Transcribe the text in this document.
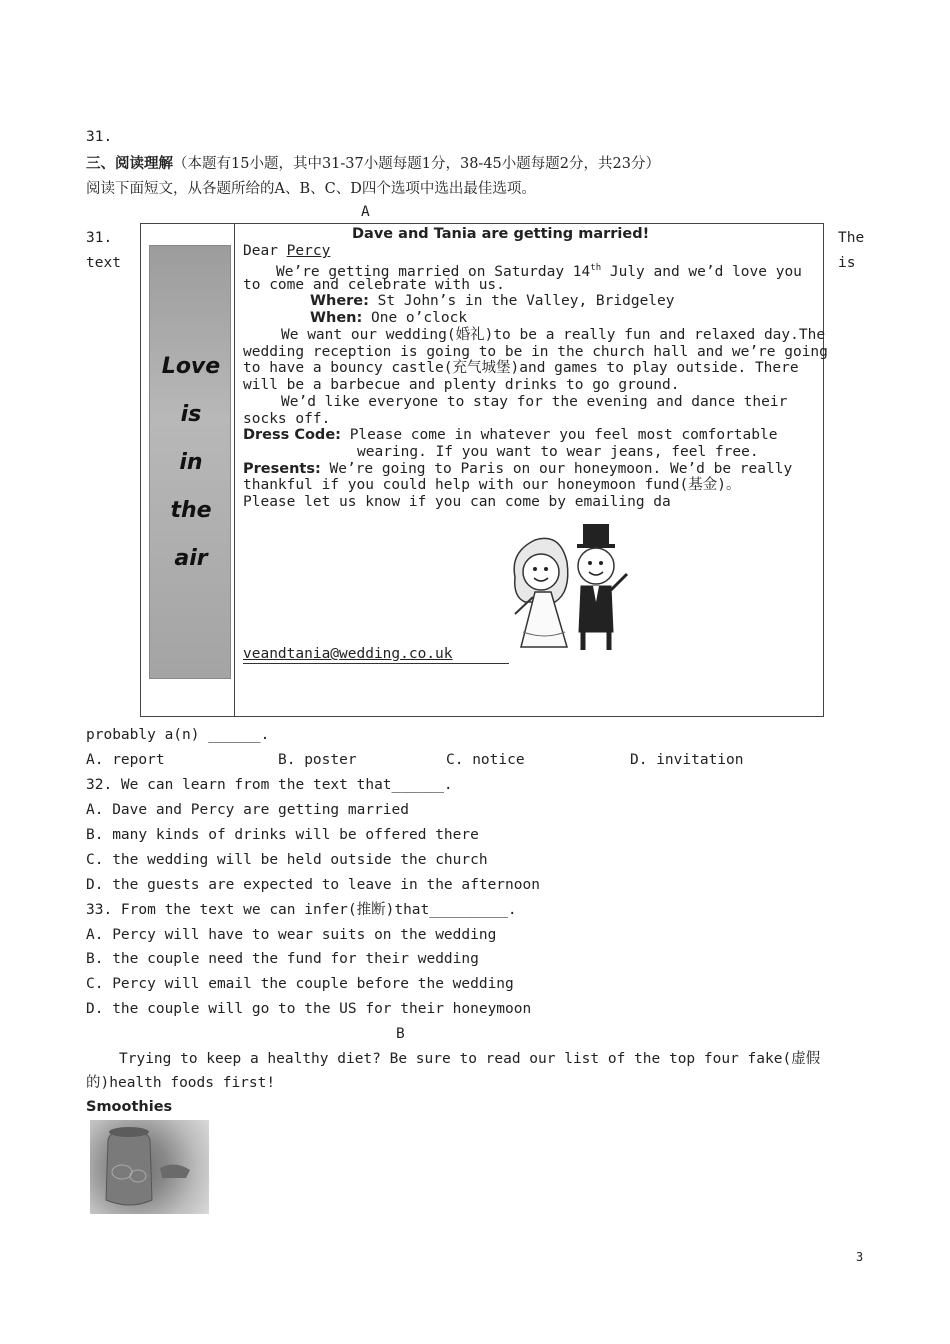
31.
三、阅读理解（本题有15小题，其中31-37小题每题1分，38-45小题每题2分，共23分）
阅读下面短文，从各题所给的A、B、C、D四个选项中选出最佳选项。
A
31.
text
The
is
Love
is
in
the
air
Dave and Tania are getting married!
Dear Percy
We’re getting married on Saturday 14th July and we’d love you
to come and celebrate with us.
Where: St John’s in the Valley, Bridgeley
When: One o’clock
We want our wedding(婚礼)to be a really fun and relaxed day.The
wedding reception is going to be in the church hall and we’re going
to have a bouncy castle(充气城堡)and games to play outside. There
will be a barbecue and plenty drinks to go ground.
We’d like everyone to stay for the evening and dance their
socks off.
Dress Code: Please come in whatever you feel most comfortable
wearing. If you want to wear jeans, feel free.
Presents: We’re going to Paris on our honeymoon. We’d be really
thankful if you could help with our honeymoon fund(基金)。
Please let us know if you can come by emailing da
veandtania@wedding.co.uk
probably a(n) ______.
A. report	B. poster	C. notice	D. invitation
32. We can learn from the text that______.
A. Dave and Percy are getting married
B. many kinds of drinks will be offered there
C. the wedding will be held outside the church
D. the guests are expected to leave in the afternoon
33. From the text we can infer(推断)that_________.
A. Percy will have to wear suits on the wedding
B. the couple need the fund for their wedding
C. Percy will email the couple before the wedding
D. the couple will go to the US for their honeymoon
B
Trying to keep a healthy diet? Be sure to read our list of the top four fake(虚假
的)health foods first!
Smoothies
3
